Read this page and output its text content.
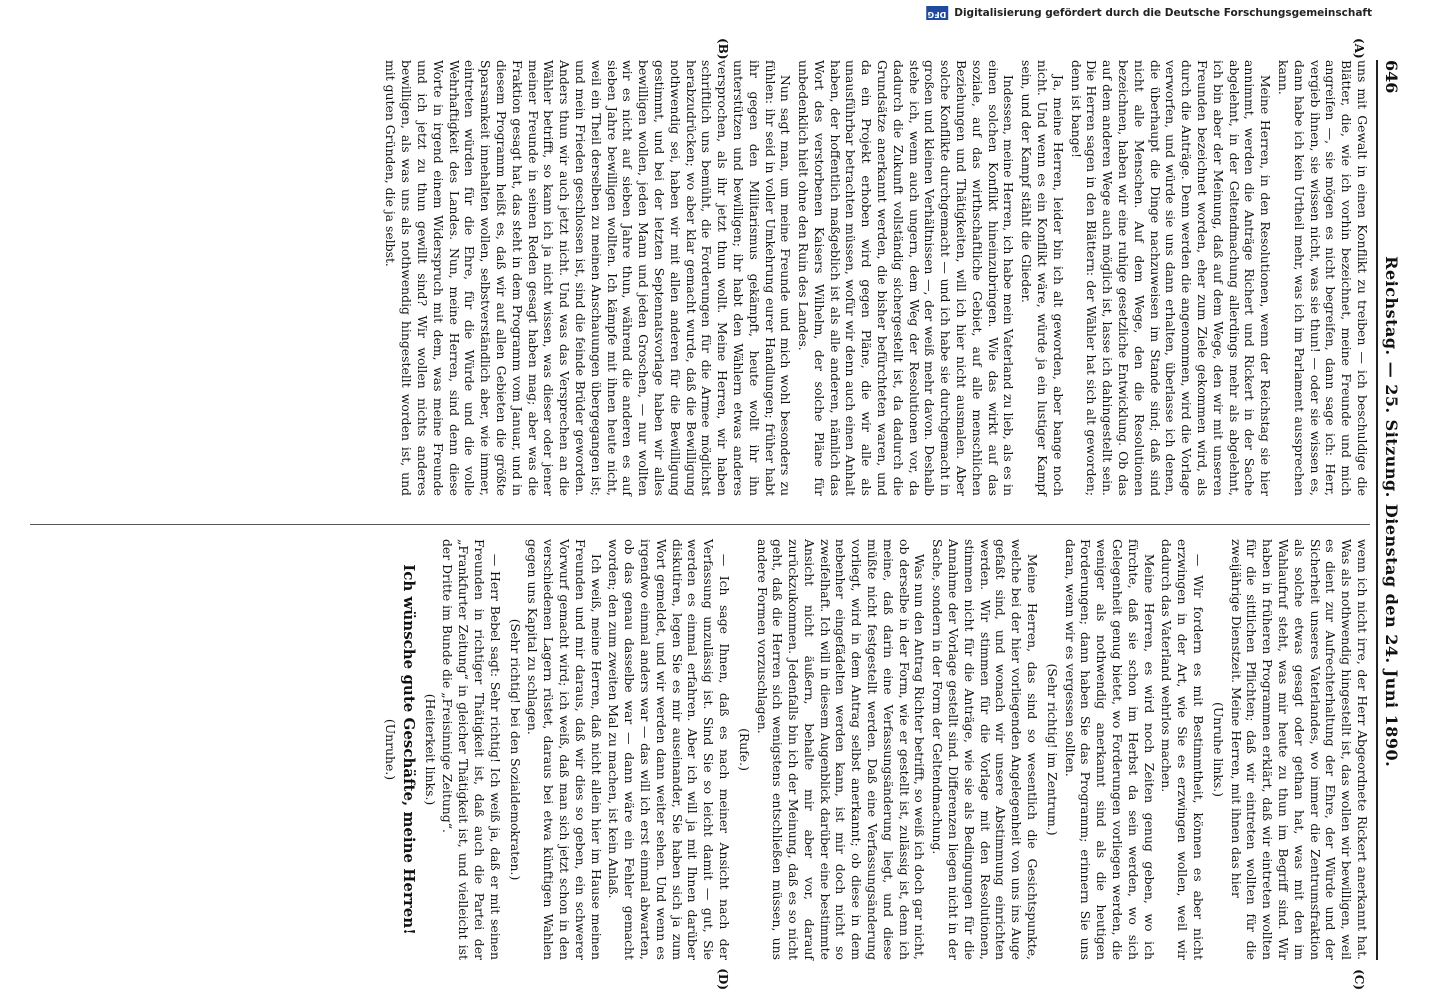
DFG Digitalisierung gefördert durch die Deutsche Forschungsgemeinschaft
646
Reichstag. — 25. Sitzung. Dienstag den 24. Juni 1890.
(A)
(B)

uns mit Gewalt in einen Konflikt zu treiben — ich beschuldige die Blätter, die, wie ich vorhin bezeichnet, meine Freunde und mich angreifen —, sie mögen es nicht begreifen, dann sage ich: Herr, vergieb ihnen, sie wissen nicht, was sie thun! — oder sie wissen es, dann habe ich kein Urtheil mehr, was ich im Parlament aussprechen kann.

Meine Herren, in den Resolutionen, wenn der Reichstag sie hier annimmt, werden die Anträge Richert und Rickert in der Sache abgelehnt, in der Geltendmachung allerdings mehr als abgelehnt, ich bin aber der Meinung, daß auf dem Wege, den wir mit unseren Freunden bezeichnet worden, eher zum Ziele gekommen wird, als durch die Anträge. Denn werden die angenommen, wird die Vorlage verworfen, und würde sie uns dann erhalten, überlasse ich denen, die überhaupt die Dinge nachzuweisen im Stande sind; daß sind nicht alle Menschen. Auf dem Wege, den die Resolutionen bezeichnen, haben wir eine ruhige gesetzliche Entwicklung. Ob das auf dem anderen Wege auch möglich ist, lasse ich dahingestellt sein. Die Herren sagen in den Blättern: der Wähler hat sich alt geworden; denn ist bange!

Ja, meine Herren, leider bin ich alt geworden, aber bange noch nicht. Und wenn es ein Konflikt wäre, würde ja ein lustiger Kampf sein, und der Kampf stählt die Glieder.

Indessen, meine Herren, ich habe mein Vaterland zu lieb, als es in einen solchen Konflikt hineinzubringen. Wie das wirkt auf das soziale, auf das wirthschaftliche Gebiet, auf alle menschlichen Beziehungen und Thätigkeiten, will ich hier nicht ausmalen. Aber solche Konflikte durchgemacht — und ich habe sie durchgemacht in großen und kleinen Verhältnissen —, der weiß mehr davon. Deshalb stehe ich, wenn auch ungern, dem Weg der Resolutionen vor, da dadurch die Zukunft vollständig sichergestellt ist, da dadurch die Grundsätze anerkannt werden, die bisher befürchteten waren, und da ein Projekt erhoben wird gegen Pläne, die wir alle als unausführbar betrachten müssen, wofür wir denn auch einen Anhalt haben, der hoffentlich maßgeblich ist als alle anderen, nämlich das Wort des verstorbenen Kaisers Wilhelm, der solche Pläne für unbedenklich hielt ohne den Ruin des Landes.

Nun sagt man, um meine Freunde und mich wohl besonders zu fühlen: ihr seid in voller Umkehrung eurer Handlungen; früher habt ihr gegen den Militarismus gekämpft, heute wollt ihr ihn unterstützen und bewilligen; ihr habt den Wählern etwas anderes versprochen, als ihr jetzt thun wollt. Meine Herren, wir haben schriftlich uns bemüht, die Forderungen für die Armee möglichst herabzudrücken; wo aber klar gemacht wurde, daß die Bewilligung nothwendig sei, haben wir mit allen anderen für die Bewilligung gestimmt, und bei der letzten Septennatsvorlage haben wir alles bewilligen wollen, jeden Mann und jeden Groschen, — nur wollten wir es nicht auf sieben Jahre thun, während die anderen es auf sieben Jahre bewilligen wollten. Ich kämpfe mit ihnen heute nicht, weil ein Theil derselben zu meinen Anschauungen übergegangen ist; und mein Frieden geschlossen ist, sind die feinde Brüder geworden. Anders thun wir auch jetzt nicht. Und was das Versprechen an die Wähler betrifft, so kann ich ja nicht wissen, was dieser oder jener meiner Freunde in seinen Reden gesagt haben mag; aber was die Fraktion gesagt hat, das steht in dem Programm vom Januar, und in diesem Programm heißt es, daß wir auf allen Gebieten die größte Sparsamkeit innehalten wollen, selbstverständlich aber, wie immer, eintreten würden für die Ehre, für die Würde und die volle Wehrhaftigkeit des Landes. Nun, meine Herren, sind denn diese Worte in irgend einem Widerspruch mit dem, was meine Freunde und ich jetzt zu thun gewillt sind? Wir wollen nichts anderes bewilligen, als was uns als nothwendig hingestellt worden ist, und mit guten Gründen, die ja selbst.

(C)
(D)

wenn ich nicht irre, der Herr Abgeordnete Rickert anerkannt hat. Was als nothwendig hingestellt ist, das wollen wir bewilligen, weil es dient zur Aufrechterhaltung der Ehre, der Würde und der Sicherheit unseres Vaterlandes, wo immer die Zentrumsfraktion als solche etwas gesagt oder gethan hat, was mit den im Wahlaufruf steht, was mir heute zu thun im Begriff sind. Wir haben in früheren Programmen erklärt, daß wir eintreten wollten für die sittlichen Pflichten; daß wir eintreten wollten für die zweijährige Dienstzeit. Meine Herren, mit ihnen das hier

(Unruhe links.)

— Wir fordern es mit Bestimmtheit, können es aber nicht erzwingen in der Art, wie Sie es erzwingen wollen, weil wir dadurch das Vaterland wehrlos machen.

Meine Herren, es wird noch Zeiten genug geben, wo ich fürchte, daß sie schon im Herbst da sein werden, wo sich Gelegenheit genug bietet, wo Forderungen vorliegen werden, die weniger als nothwendig anerkannt sind als die heutigen Forderungen; dann haben Sie das Programm; erinnern Sie uns daran, wenn wir es vergessen sollten.

(Sehr richtig! im Zentrum.)

Meine Herren, das sind so wesentlich die Gesichtspunkte, welche bei der hier vorliegenden Angelegenheit von uns ins Auge gefaßt sind, und wonach wir unsere Abstimmung einrichten werden. Wir stimmen für die Vorlage mit den Resolutionen, stimmen nicht für die Anträge, wie sie als Bedingungen für die Annahme der Vorlage gestellt sind. Differenzen liegen nicht in der Sache, sondern in der Form der Geltendmachung.

Was nun den Antrag Richter betrifft, so weiß ich doch gar nicht, ob derselbe in der Form, wie er gestellt ist, zulässig ist, denn ich meine, daß darin eine Verfassungsänderung liegt, und diese müßte nicht festgestellt werden. Daß eine Verfassungsänderung vorliegt, wird in dem Antrag selbst anerkannt; ob diese in dem nebenher eingefädelten werden kann, ist mir doch nicht so zweifelhaft. Ich will in diesem Augenblick darüber eine bestimmte Ansicht nicht äußern, behalte mir aber vor, darauf zurückzukommen. Jedenfalls bin ich der Meinung, daß es so nicht geht, daß die Herren sich wenigstens entschließen müssen, uns andere Formen vorzuschlagen.

(Rufe.)

— Ich sage Ihnen, daß es nach meiner Ansicht nach der Verfassung unzulässig ist. Sind Sie so leicht damit — gut, Sie werden es einmal erfahren. Aber ich will ja mit Ihnen darüber diskutiren, legen Sie es mir auseinander, Sie haben sich ja zum Wort gemeldet, und wir werden dann weiter sehen. Und wenn es irgendwo einmal anders war — das will ich erst einmal abwarten, ob das genau dasselbe war — dann wäre ein Fehler gemacht worden; den zum zweiten Mal zu machen, ist kein Anlaß.

Ich weiß, meine Herren, daß nicht allein hier im Hause meinen Freunden und mir daraus, daß wir dies so geben, ein schwerer Vorwurf gemacht wird; ich weiß, daß man sich jetzt schon in den verschiedenen Lagern rüstet, daraus bei etwa künftigen Wahlen gegen uns Kapital zu schlagen.

(Sehr richtig! bei den Sozialdemokraten.)

— Herr Bebel sagt: Sehr richtig! Ich weiß ja, daß er mit seinen Freunden in richtiger Thätigkeit ist, daß auch die Partei der „Frankfurter Zeitung“ in gleicher Thätigkeit ist, und vielleicht ist der Dritte im Bunde die „Freisinnige Zeitung“.

(Heiterkeit links.)

Ich wünsche gute Geschäfte, meine Herren!

(Unruhe.)
